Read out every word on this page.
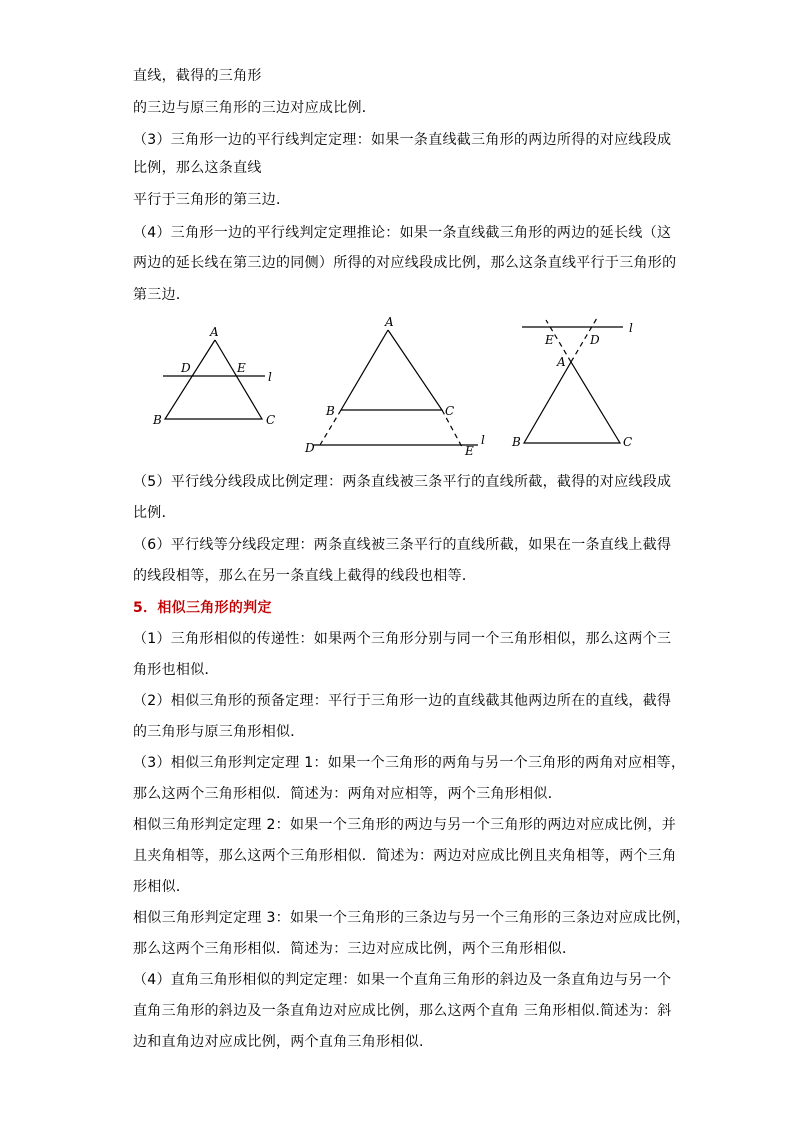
直线，截得的三角形
的三边与原三角形的三边对应成比例．
（3）三角形一边的平行线判定定理：如果一条直线截三角形的两边所得的对应线段成
比例，那么这条直线
平行于三角形的第三边．
（4）三角形一边的平行线判定定理推论：如果一条直线截三角形的两边的延长线（这
两边的延长线在第三边的同侧）所得的对应线段成比例，那么这条直线平行于三角形的
第三边．
A
D	E
l
B	C
A
B	C
D	E
l
E	D
l
A
B	C
（5）平行线分线段成比例定理：两条直线被三条平行的直线所截，截得的对应线段成
比例．
（6）平行线等分线段定理：两条直线被三条平行的直线所截，如果在一条直线上截得
的线段相等，那么在另一条直线上截得的线段也相等．
5．相似三角形的判定
（1）三角形相似的传递性：如果两个三角形分别与同一个三角形相似，那么这两个三
角形也相似．
（2）相似三角形的预备定理：平行于三角形一边的直线截其他两边所在的直线，截得
的三角形与原三角形相似．
（3）相似三角形判定定理 1：如果一个三角形的两角与另一个三角形的两角对应相等，
那么这两个三角形相似．简述为：两角对应相等，两个三角形相似．
相似三角形判定定理 2：如果一个三角形的两边与另一个三角形的两边对应成比例，并
且夹角相等，那么这两个三角形相似．简述为：两边对应成比例且夹角相等，两个三角
形相似．
相似三角形判定定理 3：如果一个三角形的三条边与另一个三角形的三条边对应成比例，
那么这两个三角形相似．简述为：三边对应成比例，两个三角形相似．
（4）直角三角形相似的判定定理：如果一个直角三角形的斜边及一条直角边与另一个
直角三角形的斜边及一条直角边对应成比例，那么这两个直角 三角形相似.简述为：斜
边和直角边对应成比例，两个直角三角形相似.
